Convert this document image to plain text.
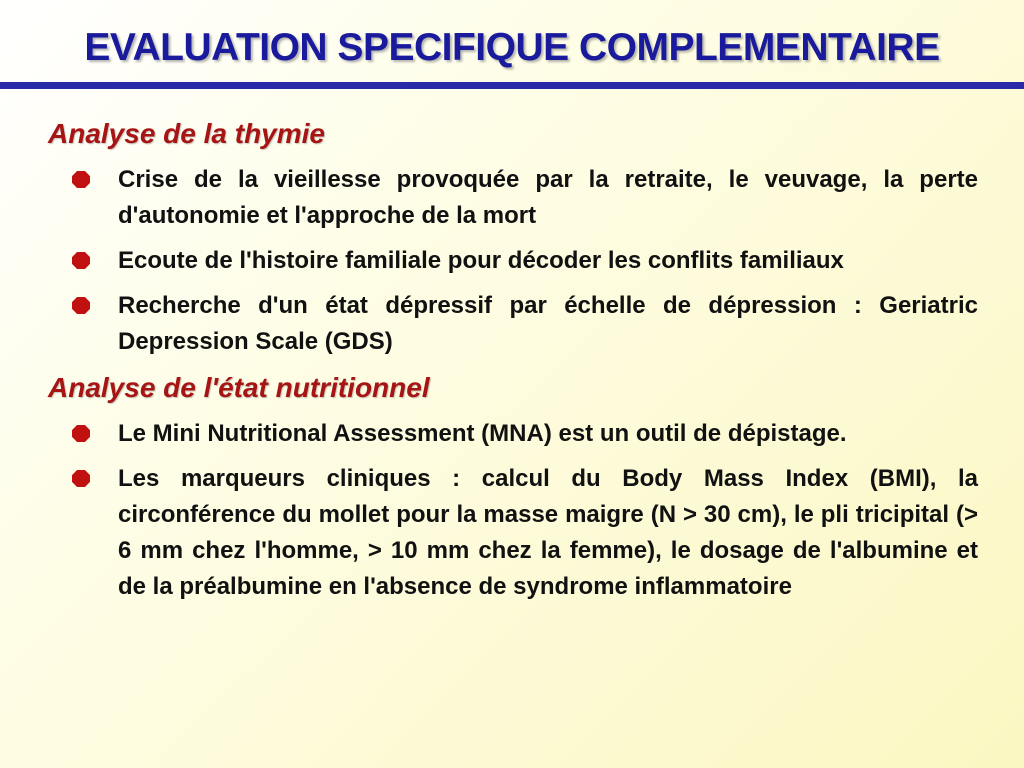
EVALUATION SPECIFIQUE COMPLEMENTAIRE
Analyse de la thymie
Crise de la vieillesse provoquée par la retraite, le veuvage, la perte d'autonomie et l'approche de la mort
Ecoute de l'histoire familiale pour décoder les conflits familiaux
Recherche d'un état dépressif par échelle de dépression : Geriatric Depression Scale (GDS)
Analyse de l'état nutritionnel
Le Mini Nutritional Assessment (MNA) est un outil de dépistage.
Les marqueurs cliniques : calcul du Body Mass Index (BMI), la circonférence du mollet pour la masse maigre (N > 30 cm), le pli tricipital (> 6 mm chez l'homme, > 10 mm chez la femme), le dosage de l'albumine et de la préalbumine en l'absence de syndrome inflammatoire
